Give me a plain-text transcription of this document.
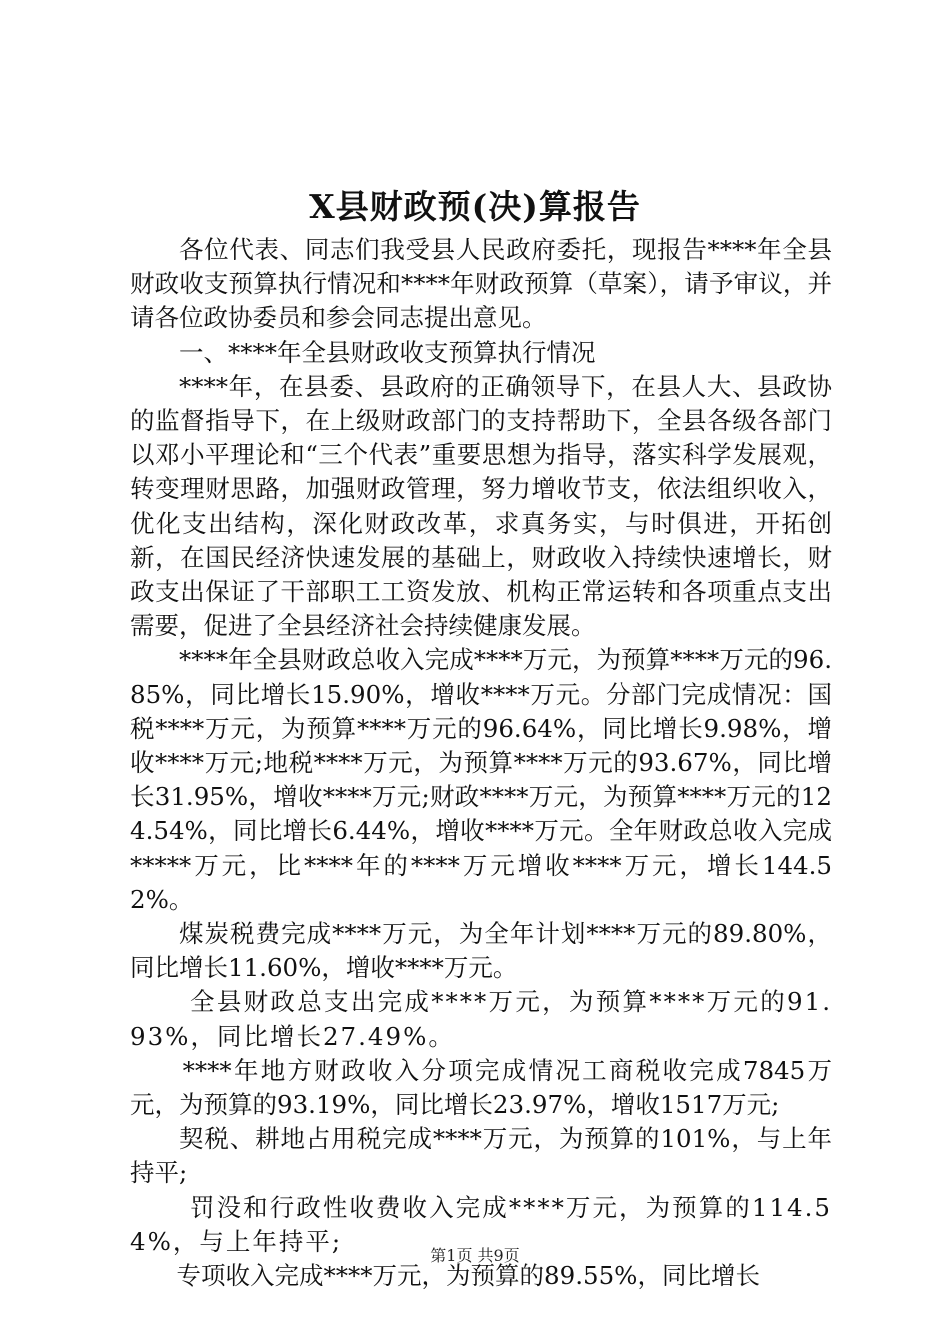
X县财政预(决)算报告

各位代表、同志们我受县人民政府委托，现报告****年全县财政收支预算执行情况和****年财政预算（草案），请予审议，并请各位政协委员和参会同志提出意见。

一、****年全县财政收支预算执行情况

****年，在县委、县政府的正确领导下，在县人大、县政协的监督指导下，在上级财政部门的支持帮助下，全县各级各部门以邓小平理论和“三个代表”重要思想为指导，落实科学发展观，转变理财思路，加强财政管理，努力增收节支，依法组织收入，优化支出结构，深化财政改革，求真务实，与时俱进，开拓创新，在国民经济快速发展的基础上，财政收入持续快速增长，财政支出保证了干部职工工资发放、机构正常运转和各项重点支出需要，促进了全县经济社会持续健康发展。

****年全县财政总收入完成****万元，为预算****万元的96.85%，同比增长15.90%，增收****万元。分部门完成情况：国税****万元，为预算****万元的96.64%，同比增长9.98%，增收****万元;地税****万元，为预算****万元的93.67%，同比增长31.95%，增收****万元;财政****万元，为预算****万元的124.54%，同比增长6.44%，增收****万元。全年财政总收入完成*****万元，比****年的****万元增收****万元，增长144.52%。

煤炭税费完成****万元，为全年计划****万元的89.80%，同比增长11.60%，增收****万元。

全县财政总支出完成****万元，为预算****万元的91.93%，同比增长27.49%。

****年地方财政收入分项完成情况工商税收完成7845万元，为预算的93.19%，同比增长23.97%，增收1517万元;

契税、耕地占用税完成****万元，为预算的101%，与上年持平;

罚没和行政性收费收入完成****万元，为预算的114.54%，与上年持平;

专项收入完成****万元，为预算的89.55%，同比增长

第1页 共9页
